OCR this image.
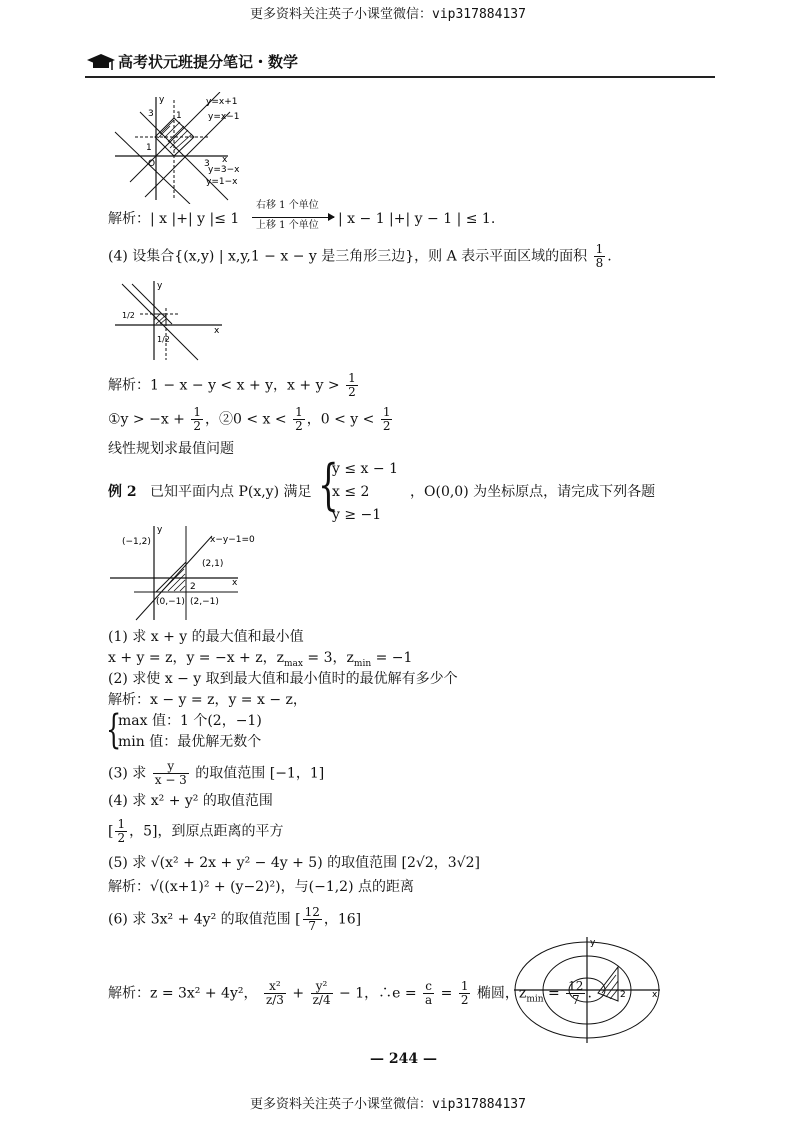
更多资料关注英子小课堂微信：vip317884137
高考状元班提分笔记・数学
y=x+1
y=x−1
y=3−x
y=1−x
x
y
1
3
3
1
O
解析：| x |+| y |≤ 1
右移 1 个单位
上移 1 个单位 | x − 1 |+| y − 1 | ≤ 1.
(4) 设集合{(x,y) | x,y,1 − x − y 是三角形三边}，则 A 表示平面区域的面积 $\frac{1}{8}$ .
y
x
1/2
1/2
解析：1 − x − y < x + y，$x + y > \frac{1}{2}$
①y > $-x + \frac{1}{2}$ ，②0 < $x < \frac{1}{2}$ ，$0 < y < \frac{1}{2}$
线性规划求最值问题
例 2 已知平面内点 P(x,y) 满足 {
y ≤ x − 1
x ≤ 2
y ≥ −1
，O(0,0) 为坐标原点，请完成下列各题
y
x
(−1,2)	x−y−1=0
(2,1)
2
(0,−1) (2,−1)
(1) 求 x + y 的最大值和最小值
x + y = z，y = −x + z，$z_{max} = 3$，$z_{min} = -1$
(2) 求使 x − y 取到最大值和最小值时的最优解有多少个
解析：x − y = z，y = x − z，
{
max 值：1 个(2，−1)
min 值：最优解无数个
(3) 求 $\frac{y}{x - 3}$ 的取值范围 [−1，1]
(4) 求 x² + y² 的取值范围
[ $\frac{1}{2}$ ，5]，到原点距离的平方
(5) 求 √(x² + 2x + y² − 4y + 5) 的取值范围 [2√2，3√2]
解析：√((x+1)² + (y−2)²)，与(−1,2) 点的距离
(6) 求 3x² + 4y² 的取值范围 [ $\frac{12}{7}$ ，16]
解析：z = 3x² + 4y²， $\frac{\text{x²}}{z/3} + \frac{\text{y²}}{z/4} - 1$，∴e = $\frac{c}{a} = \frac{1}{2}$ 椭圆，$z_{min} = \frac{12}{7}$ .
y
x
2
— 244 —
更多资料关注英子小课堂微信：vip317884137
